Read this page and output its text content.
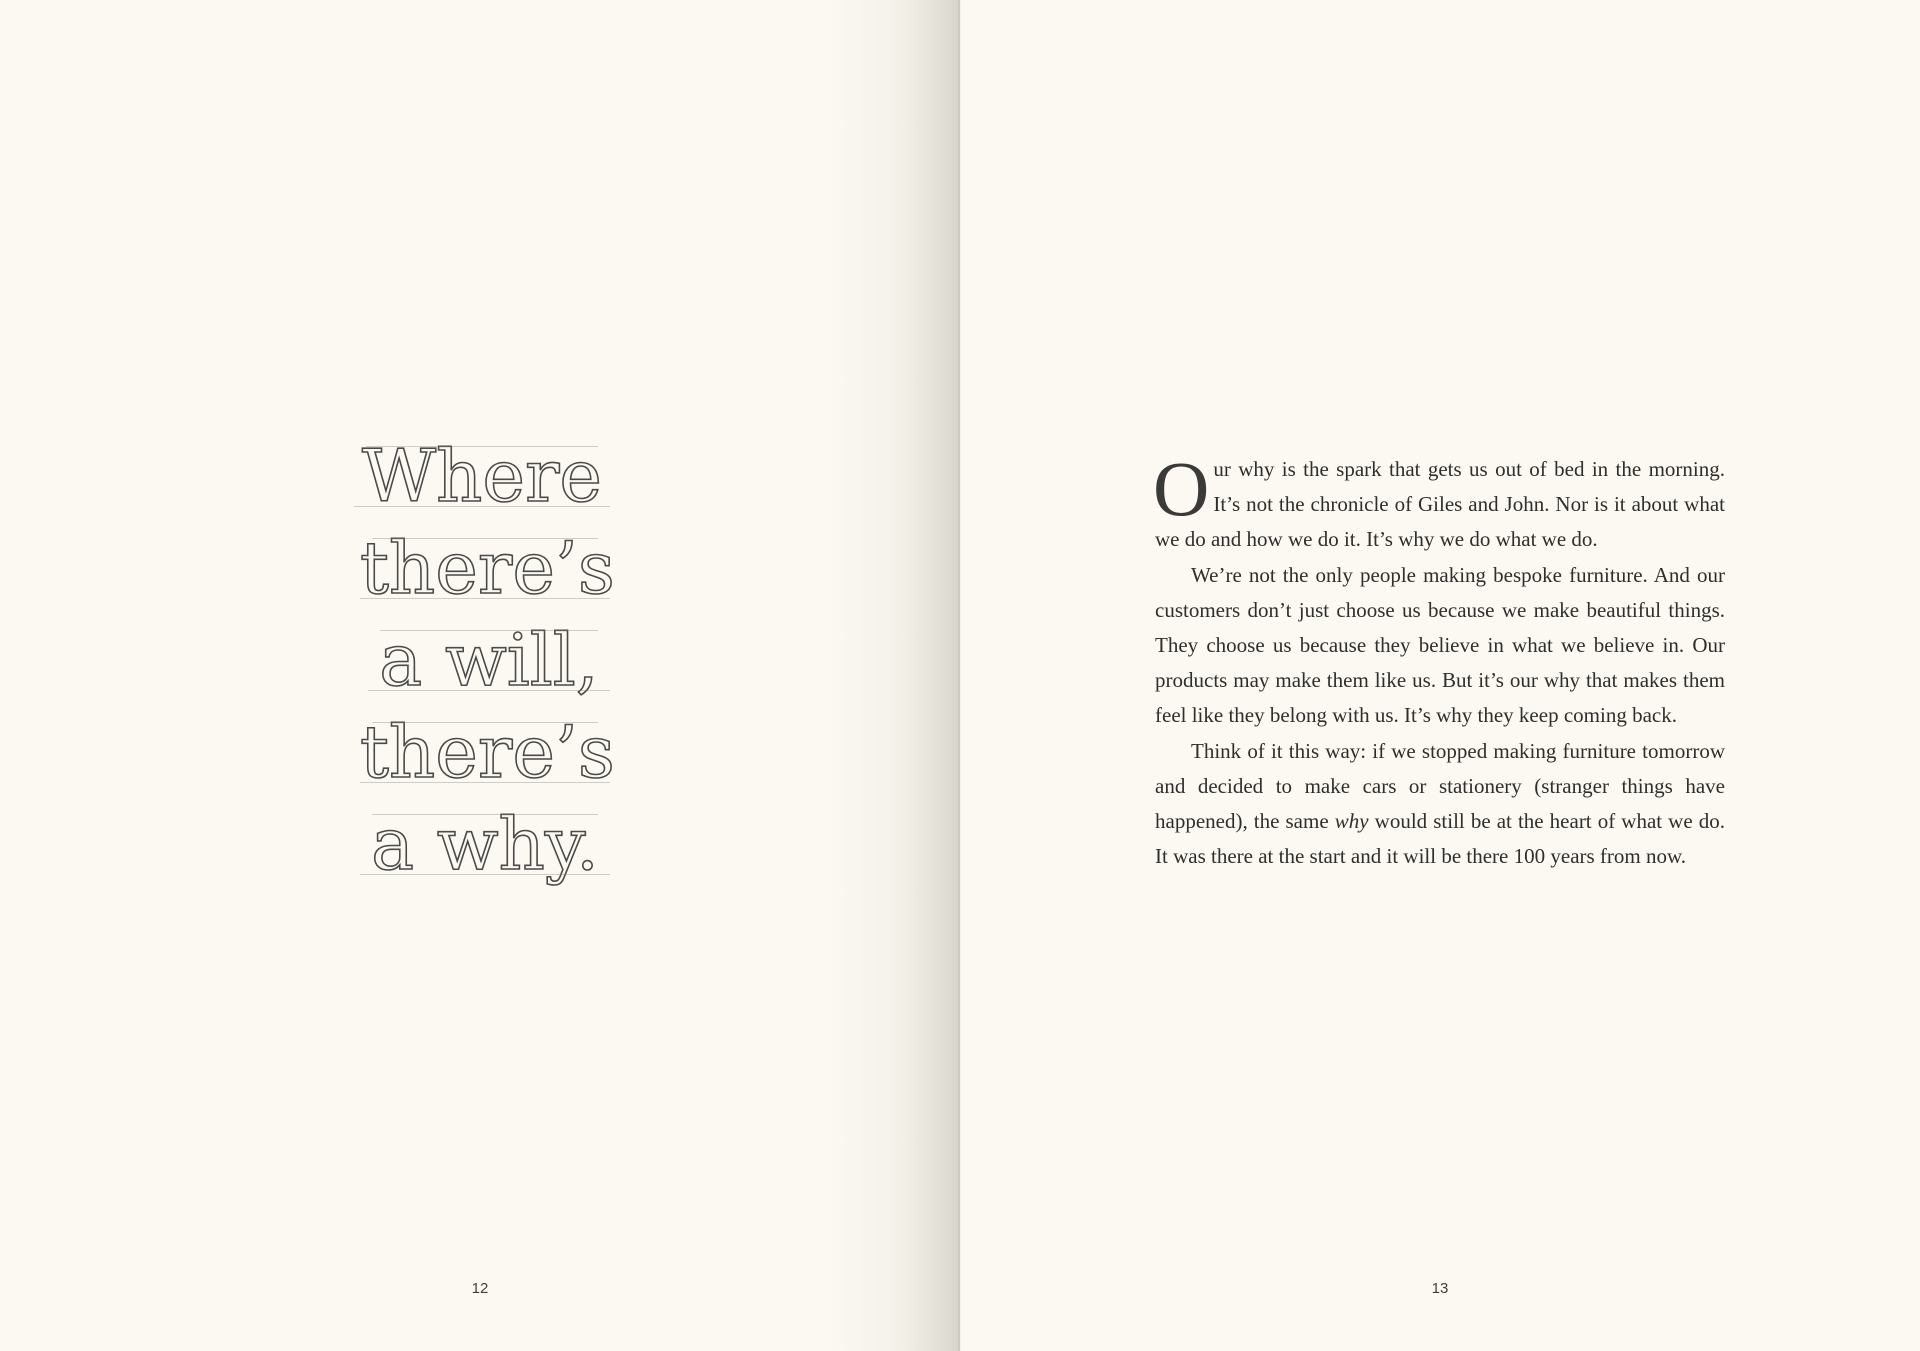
Where
there’s
a will,
there’s
a why.
12

Our why is the spark that gets us out of bed in the morning. It’s not the chronicle of Giles and John. Nor is it about what we do and how we do it. It’s why we do what we do.

We’re not the only people making bespoke furniture. And our customers don’t just choose us because we make beautiful things. They choose us because they believe in what we believe in. Our products may make them like us. But it’s our why that makes them feel like they belong with us. It’s why they keep coming back.

Think of it this way: if we stopped making furniture tomorrow and decided to make cars or stationery (stranger things have happened), the same why would still be at the heart of what we do. It was there at the start and it will be there 100 years from now.

13
